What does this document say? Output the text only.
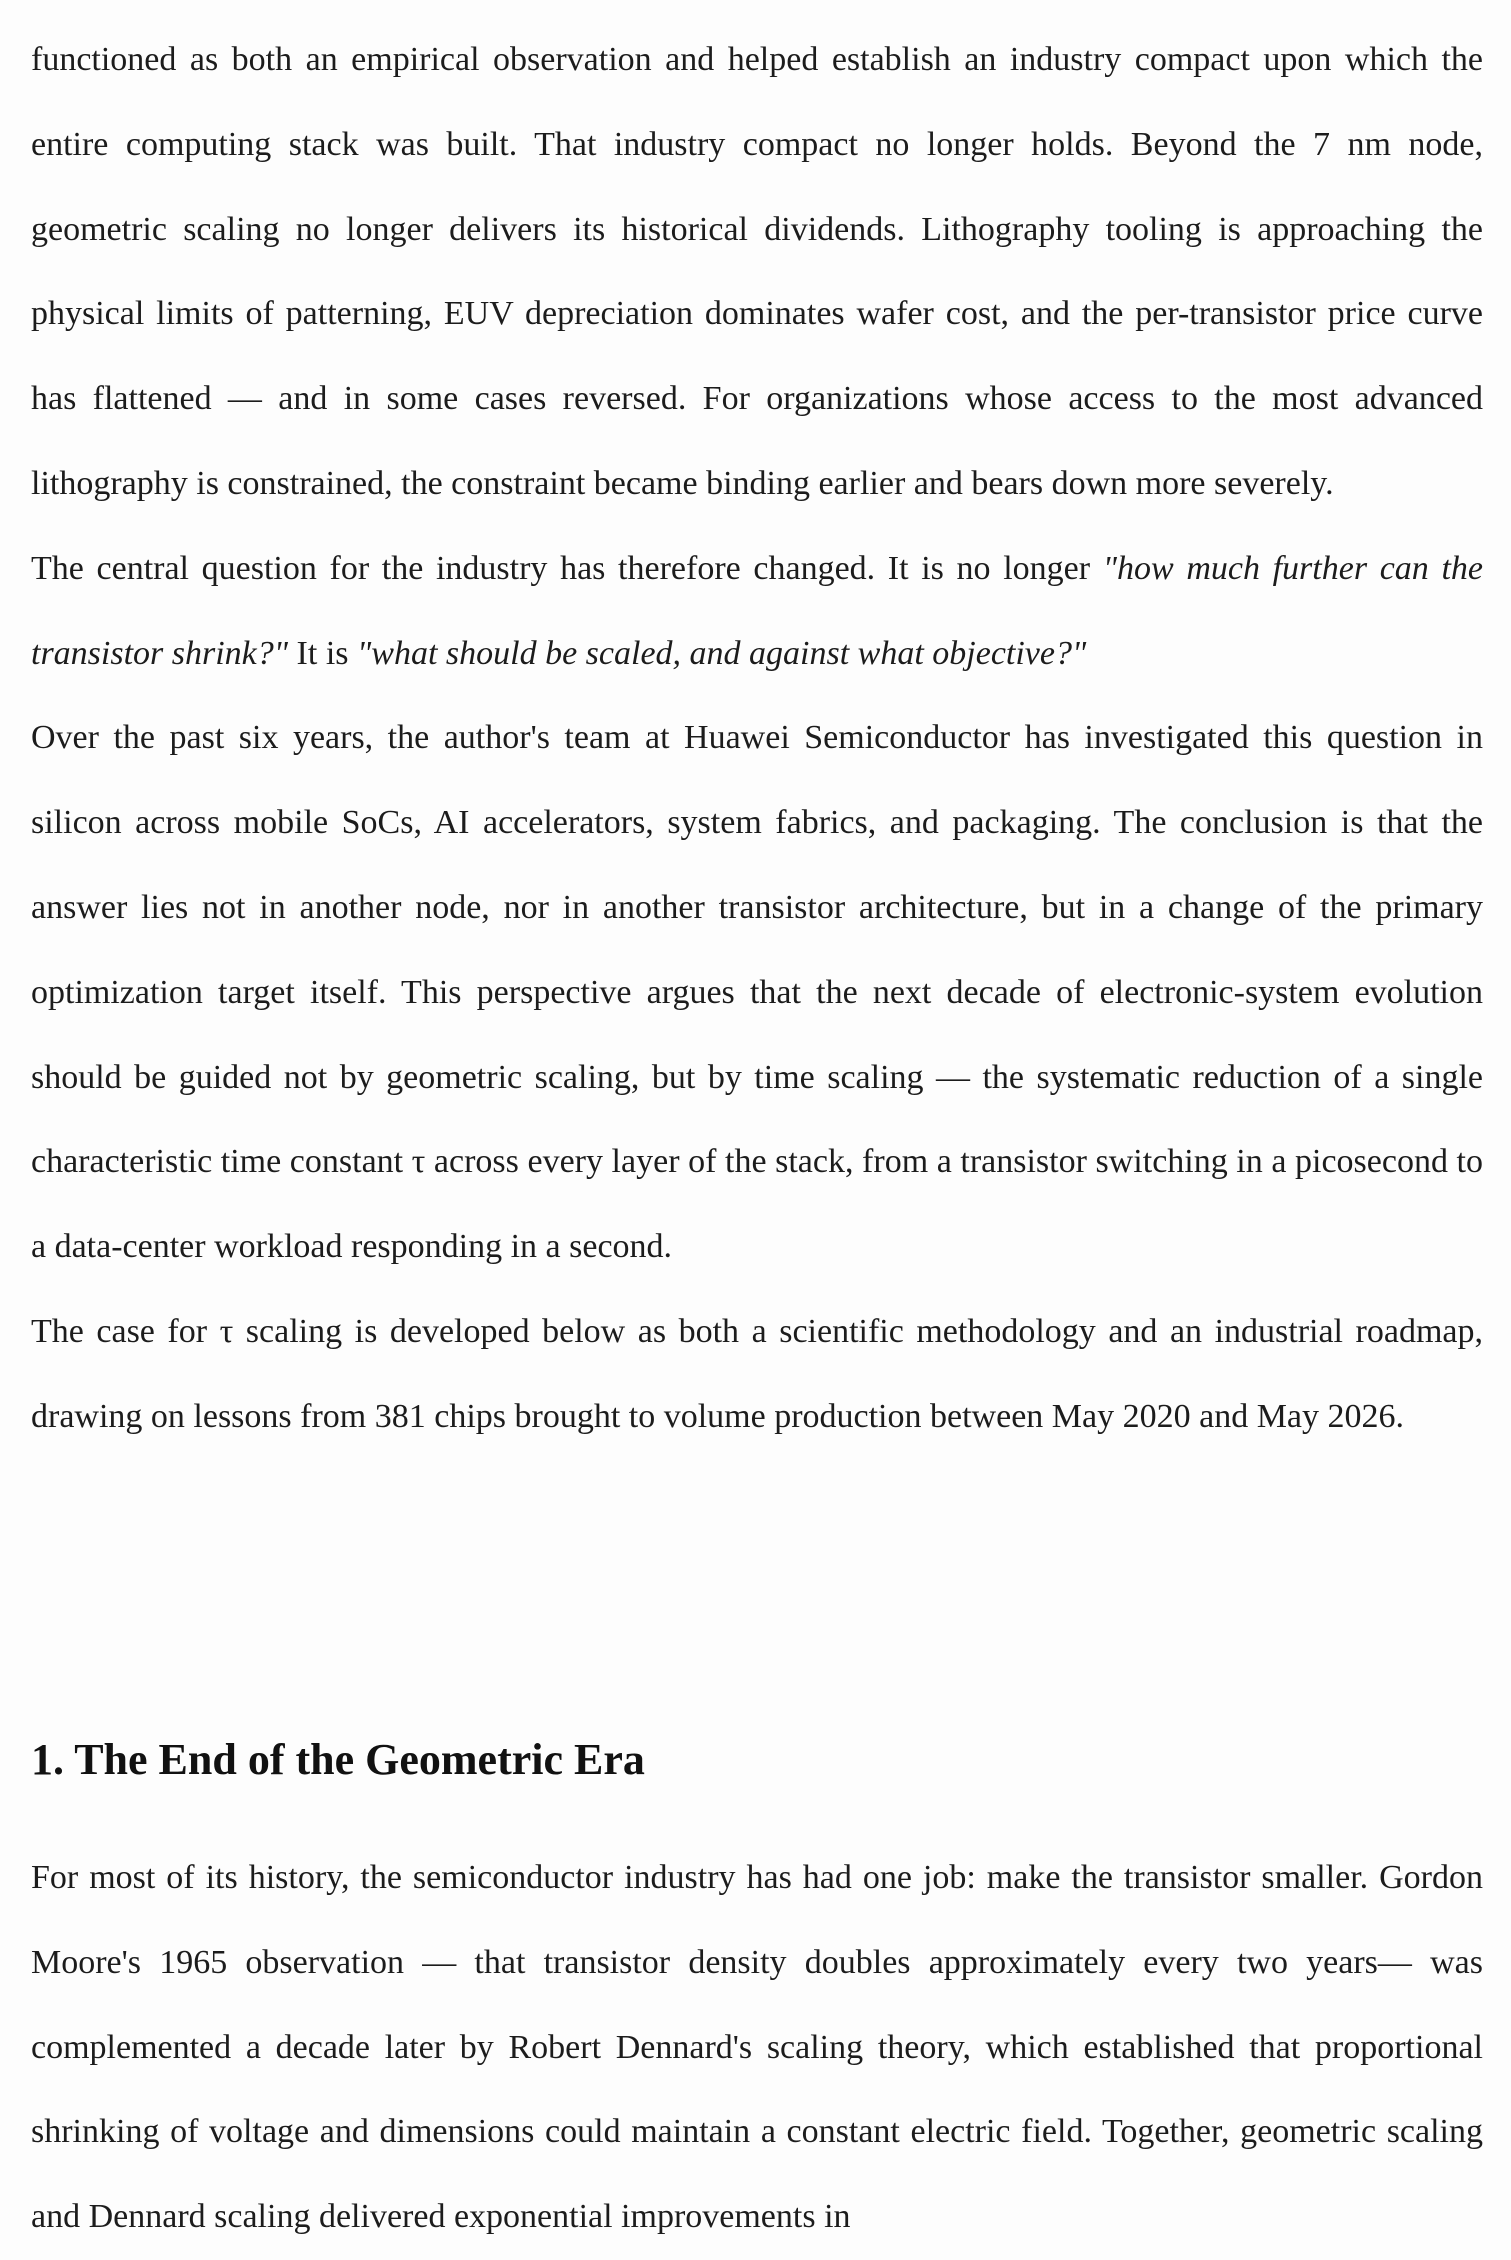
functioned as both an empirical observation and helped establish an industry compact upon which the entire computing stack was built. That industry compact no longer holds. Beyond the 7 nm node, geometric scaling no longer delivers its historical dividends. Lithography tooling is approaching the physical limits of patterning, EUV depreciation dominates wafer cost, and the per-transistor price curve has flattened — and in some cases reversed. For organizations whose access to the most advanced lithography is constrained, the constraint became binding earlier and bears down more severely.

The central question for the industry has therefore changed. It is no longer "how much further can the transistor shrink?" It is "what should be scaled, and against what objective?"

Over the past six years, the author's team at Huawei Semiconductor has investigated this question in silicon across mobile SoCs, AI accelerators, system fabrics, and packaging. The conclusion is that the answer lies not in another node, nor in another transistor architecture, but in a change of the primary optimization target itself. This perspective argues that the next decade of electronic-system evolution should be guided not by geometric scaling, but by time scaling — the systematic reduction of a single characteristic time constant τ across every layer of the stack, from a transistor switching in a picosecond to a data-center workload responding in a second.

The case for τ scaling is developed below as both a scientific methodology and an industrial roadmap, drawing on lessons from 381 chips brought to volume production between May 2020 and May 2026.

1. The End of the Geometric Era

For most of its history, the semiconductor industry has had one job: make the transistor smaller. Gordon Moore's 1965 observation — that transistor density doubles approximately every two years— was complemented a decade later by Robert Dennard's scaling theory, which established that proportional shrinking of voltage and dimensions could maintain a constant electric field. Together, geometric scaling and Dennard scaling delivered exponential improvements in
